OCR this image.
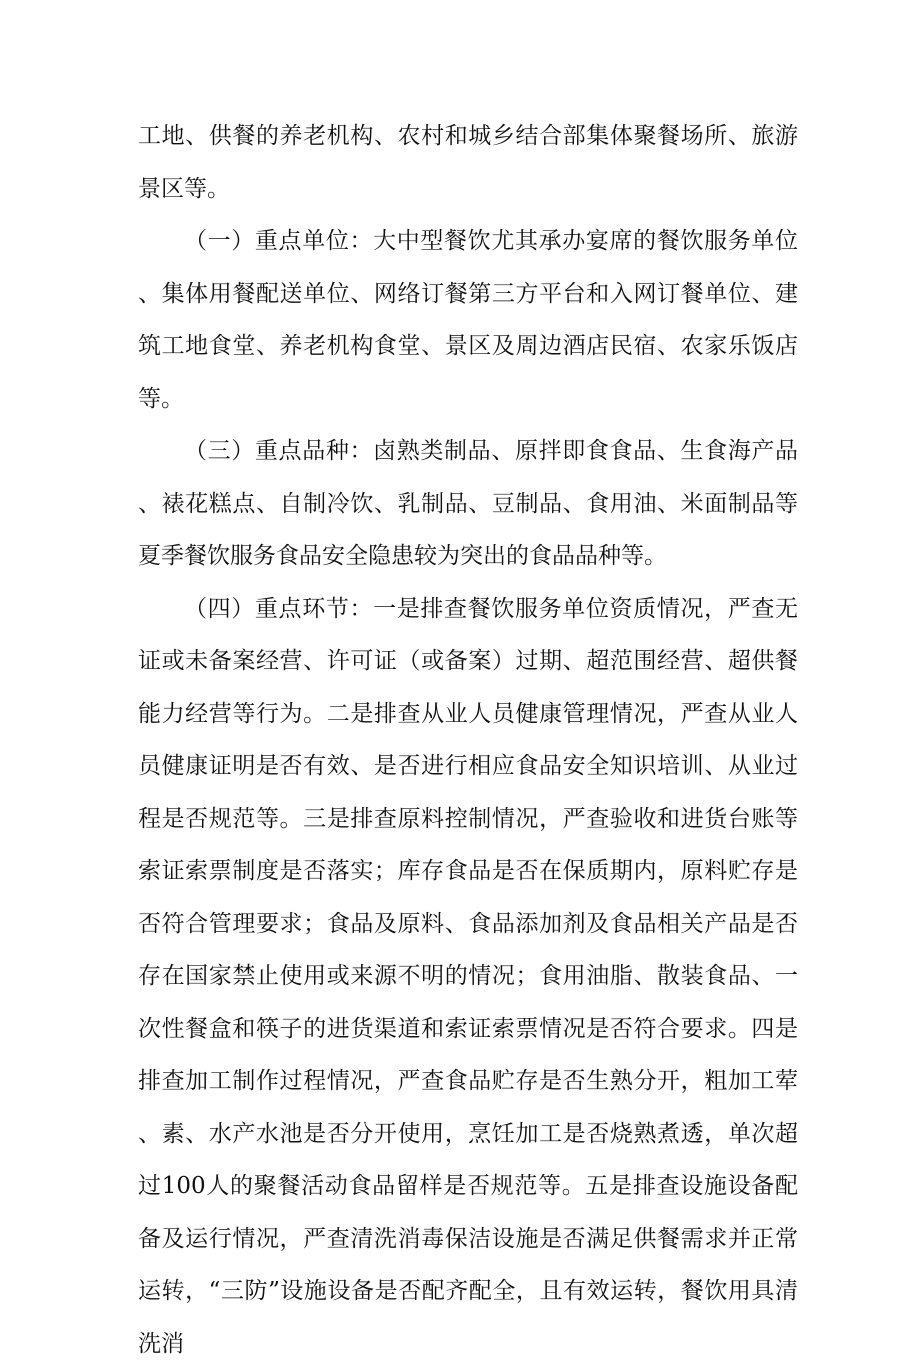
工地、供餐的养老机构、农村和城乡结合部集体聚餐场所、旅游景区等。

（一）重点单位：大中型餐饮尤其承办宴席的餐饮服务单位、集体用餐配送单位、网络订餐第三方平台和入网订餐单位、建筑工地食堂、养老机构食堂、景区及周边酒店民宿、农家乐饭店等。

（三）重点品种：卤熟类制品、原拌即食食品、生食海产品、裱花糕点、自制冷饮、乳制品、豆制品、食用油、米面制品等夏季餐饮服务食品安全隐患较为突出的食品品种等。

（四）重点环节：一是排查餐饮服务单位资质情况，严查无证或未备案经营、许可证（或备案）过期、超范围经营、超供餐能力经营等行为。二是排查从业人员健康管理情况，严查从业人员健康证明是否有效、是否进行相应食品安全知识培训、从业过程是否规范等。三是排查原料控制情况，严查验收和进货台账等索证索票制度是否落实；库存食品是否在保质期内，原料贮存是否符合管理要求；食品及原料、食品添加剂及食品相关产品是否存在国家禁止使用或来源不明的情况；食用油脂、散装食品、一次性餐盒和筷子的进货渠道和索证索票情况是否符合要求。四是排查加工制作过程情况，严查食品贮存是否生熟分开，粗加工荤、素、水产水池是否分开使用，烹饪加工是否烧熟煮透，单次超过100人的聚餐活动食品留样是否规范等。五是排查设施设备配备及运行情况，严查清洗消毒保洁设施是否满足供餐需求并正常运转，“三防”设施设备是否配齐配全，且有效运转，餐饮用具清洗消
